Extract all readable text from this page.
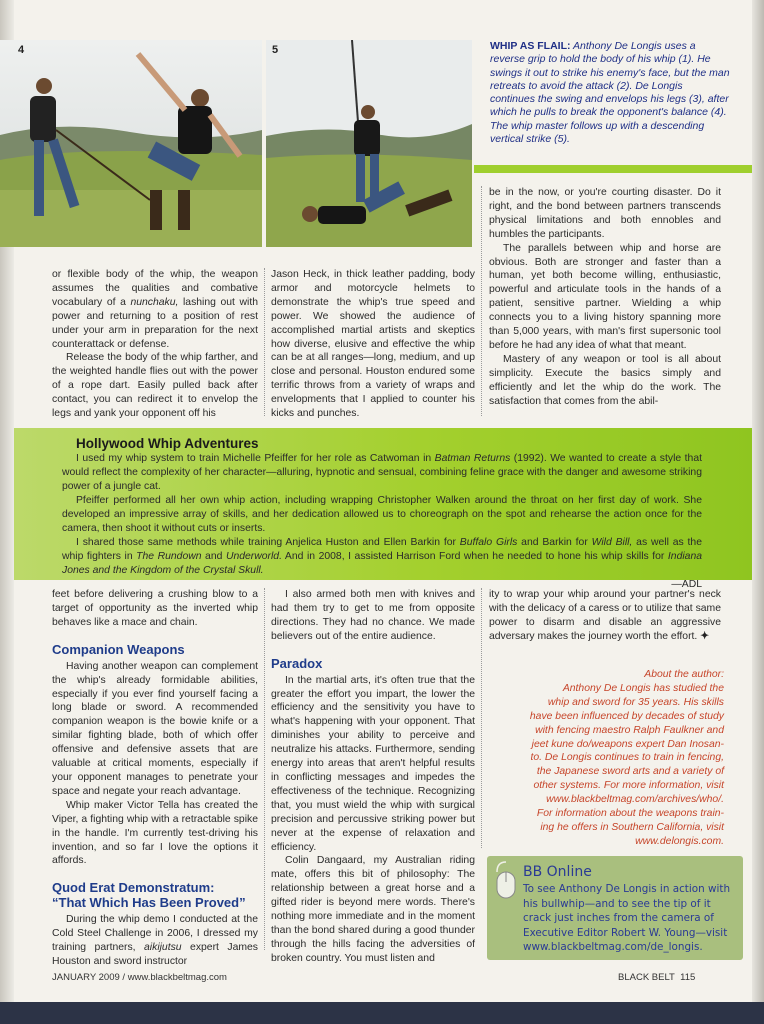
4	5	WHIP AS FLAIL: Anthony De Longis uses a reverse grip to hold the body of his whip (1). He swings it out to strike his enemy's face, but the man retreats to avoid the attack (2). De Longis continues the swing and envelops his legs (3), after which he pulls to break the opponent's balance (4). The whip master follows up with a descending vertical strike (5).

or flexible body of the whip, the weapon assumes the qualities and combative vocabulary of a nunchaku, lashing out with power and returning to a position of rest under your arm in preparation for the next counterattack or defense.

Release the body of the whip farther, and the weighted handle flies out with the power of a rope dart. Easily pulled back after contact, you can redirect it to envelop the legs and yank your opponent off his

Jason Heck, in thick leather padding, body armor and motorcycle helmets to demonstrate the whip's true speed and power. We showed the audience of accomplished martial artists and skeptics how diverse, elusive and effective the whip can be at all ranges—long, medium, and up close and personal. Houston endured some terrific throws from a variety of wraps and envelopments that I applied to counter his kicks and punches.

be in the now, or you're courting disaster. Do it right, and the bond between partners transcends physical limitations and both ennobles and humbles the participants.

The parallels between whip and horse are obvious. Both are stronger and faster than a human, yet both become willing, enthusiastic, powerful and articulate tools in the hands of a patient, sensitive partner. Wielding a whip connects you to a living history spanning more than 5,000 years, with man's first supersonic tool before he had any idea of what that meant.

Mastery of any weapon or tool is all about simplicity. Execute the basics simply and efficiently and let the whip do the work. The satisfaction that comes from the abil-

Hollywood Whip Adventures

I used my whip system to train Michelle Pfeiffer for her role as Catwoman in Batman Returns (1992). We wanted to create a style that would reflect the complexity of her character—alluring, hypnotic and sensual, combining feline grace with the danger and awesome striking power of a jungle cat.

Pfeiffer performed all her own whip action, including wrapping Christopher Walken around the throat on her first day of work. She developed an impressive array of skills, and her dedication allowed us to choreograph on the spot and rehearse the action once for the camera, then shoot it without cuts or inserts.

I shared those same methods while training Anjelica Huston and Ellen Barkin for Buffalo Girls and Barkin for Wild Bill, as well as the whip fighters in The Rundown and Underworld. And in 2008, I assisted Harrison Ford when he needed to hone his whip skills for Indiana Jones and the Kingdom of the Crystal Skull.

—ADL

feet before delivering a crushing blow to a target of opportunity as the inverted whip behaves like a mace and chain.

Companion Weapons

Having another weapon can complement the whip's already formidable abilities, especially if you ever find yourself facing a long blade or sword. A recommended companion weapon is the bowie knife or a similar fighting blade, both of which offer offensive and defensive assets that are valuable at critical moments, especially if your opponent manages to penetrate your space and negate your reach advantage.

Whip maker Victor Tella has created the Viper, a fighting whip with a retractable spike in the handle. I'm currently test-driving his invention, and so far I love the options it affords.

Quod Erat Demonstratum:
“That Which Has Been Proved”

During the whip demo I conducted at the Cold Steel Challenge in 2006, I dressed my training partners, aikijutsu expert James Houston and sword instructor

I also armed both men with knives and had them try to get to me from opposite directions. They had no chance. We made believers out of the entire audience.

Paradox

In the martial arts, it's often true that the greater the effort you impart, the lower the efficiency and the sensitivity you have to what's happening with your opponent. That diminishes your ability to perceive and neutralize his attacks. Furthermore, sending energy into areas that aren't helpful results in conflicting messages and impedes the effectiveness of the technique. Recognizing that, you must wield the whip with surgical precision and percussive striking power but never at the expense of relaxation and efficiency.

Colin Dangaard, my Australian riding mate, offers this bit of philosophy: The relationship between a great horse and a gifted rider is beyond mere words. There's nothing more immediate and in the moment than the bond shared during a good thunder through the hills facing the adversities of broken country. You must listen and

ity to wrap your whip around your partner's neck with the delicacy of a caress or to utilize that same power to disarm and disable an aggressive adversary makes the journey worth the effort. ✦

About the author:

Anthony De Longis has studied the

whip and sword for 35 years. His skills

have been influenced by decades of study

with fencing maestro Ralph Faulkner and

jeet kune do/weapons expert Dan Inosan-

to. De Longis continues to train in fencing,

the Japanese sword arts and a variety of

other systems. For more information, visit

www.blackbeltmag.com/archives/who/.

For information about the weapons train-

ing he offers in Southern California, visit

www.delongis.com.

BB Online
To see Anthony De Longis in action with his bullwhip—and to see the tip of it crack just inches from the camera of Executive Editor Robert W. Young—visit www.blackbeltmag.com/de_longis.
JANUARY 2009 / www.blackbeltmag.com	BLACK BELT 115
